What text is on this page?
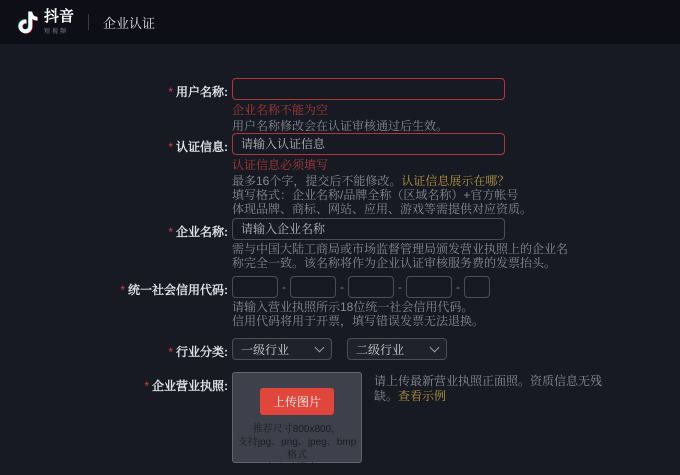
抖音
短视频
企业认证
* 用户名称:
企业名称不能为空
用户名称修改会在认证审核通过后生效。
* 认证信息:
请输入认证信息
认证信息必须填写
最多16个字，提交后不能修改。认证信息展示在哪？
填写格式：企业名称/品牌全称（区域名称）+官方帐号
体现品牌、商标、网站、应用、游戏等需提供对应资质。
* 企业名称:
请输入企业名称
需与中国大陆工商局或市场监督管理局颁发营业执照上的企业名称完全一致。该名称将作为企业认证审核服务费的发票抬头。
* 统一社会信用代码:	-	-	-	-
请输入营业执照所示18位统一社会信用代码。
信用代码将用于开票，填写错误发票无法退换。
* 行业分类: 一级行业	二级行业
* 企业营业执照:
上传图片
推荐尺寸800x800，
支持jpg、png、jpeg、bmp格式
大小不超过5M
请上传最新营业执照正面照。资质信息无残缺。查看示例
